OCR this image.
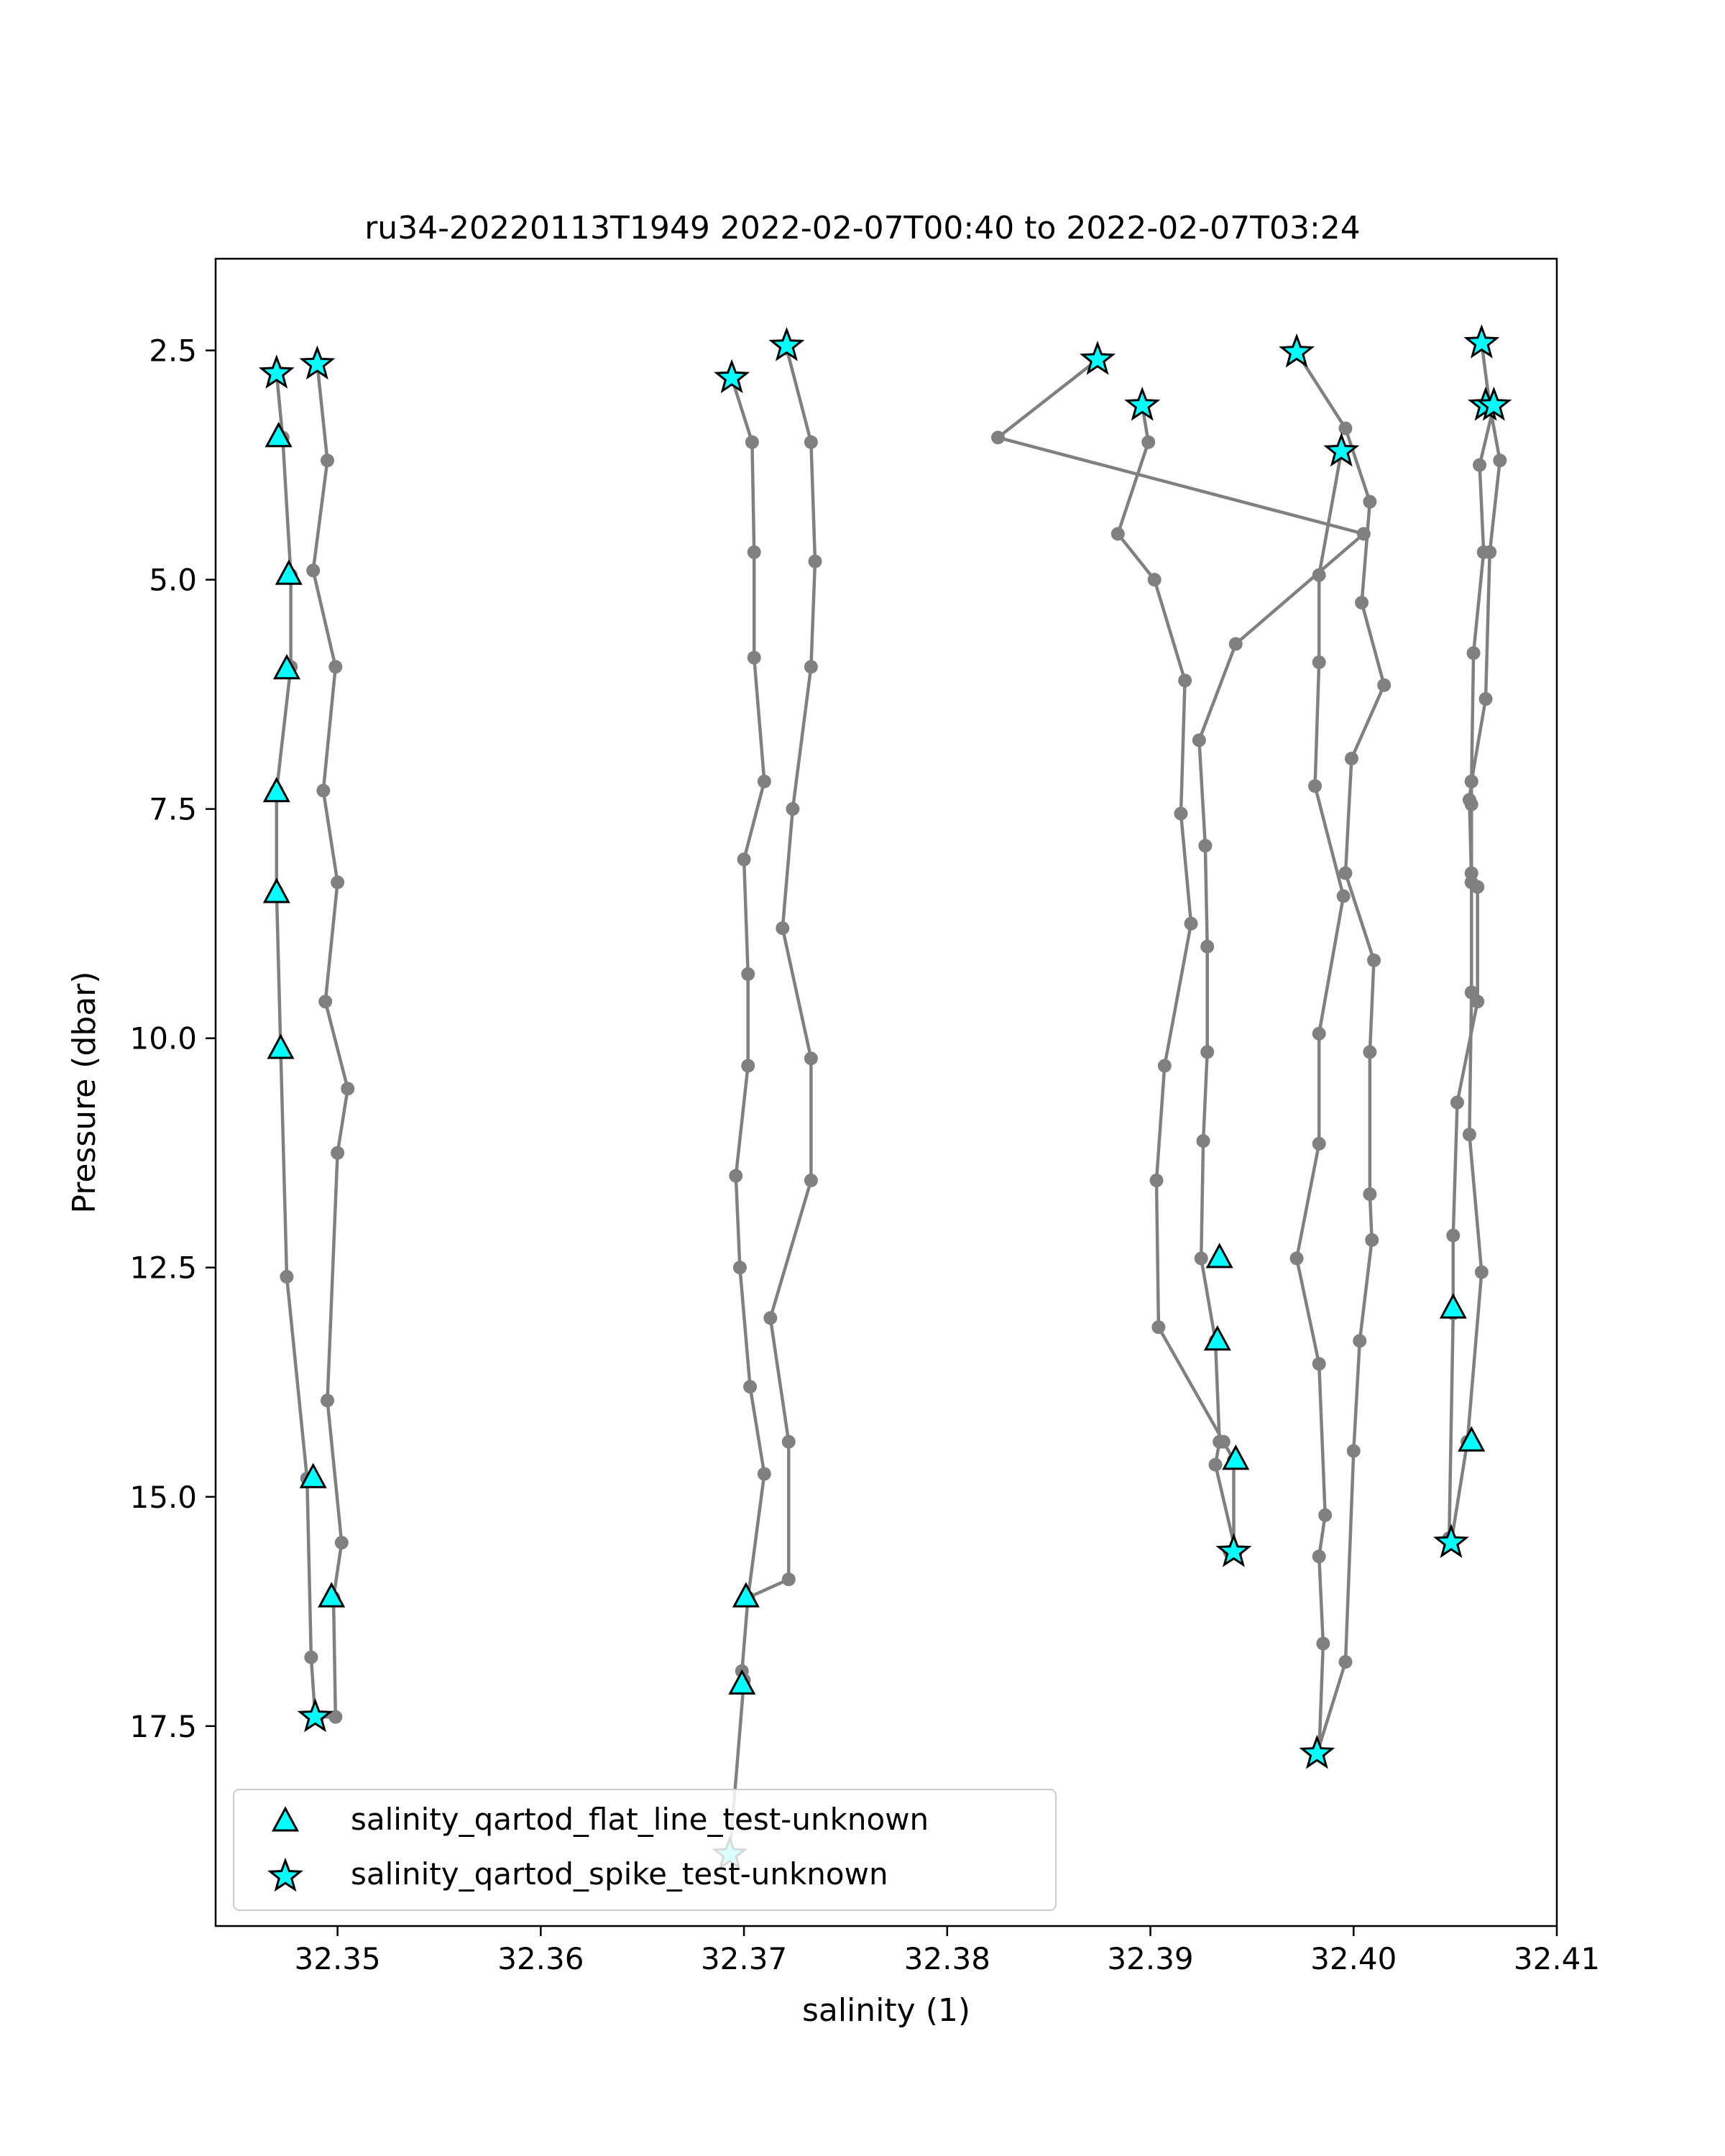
ru34-20220113T1949 2022-02-07T00:40 to 2022-02-07T03:24
32.35	32.36	32.37	32.38	32.39	32.40	32.41
2.5
5.0
7.5
10.0
12.5
15.0
17.5
salinity (1)
Pressure (dbar)
salinity_qartod_flat_line_test-unknown
salinity_qartod_spike_test-unknown
